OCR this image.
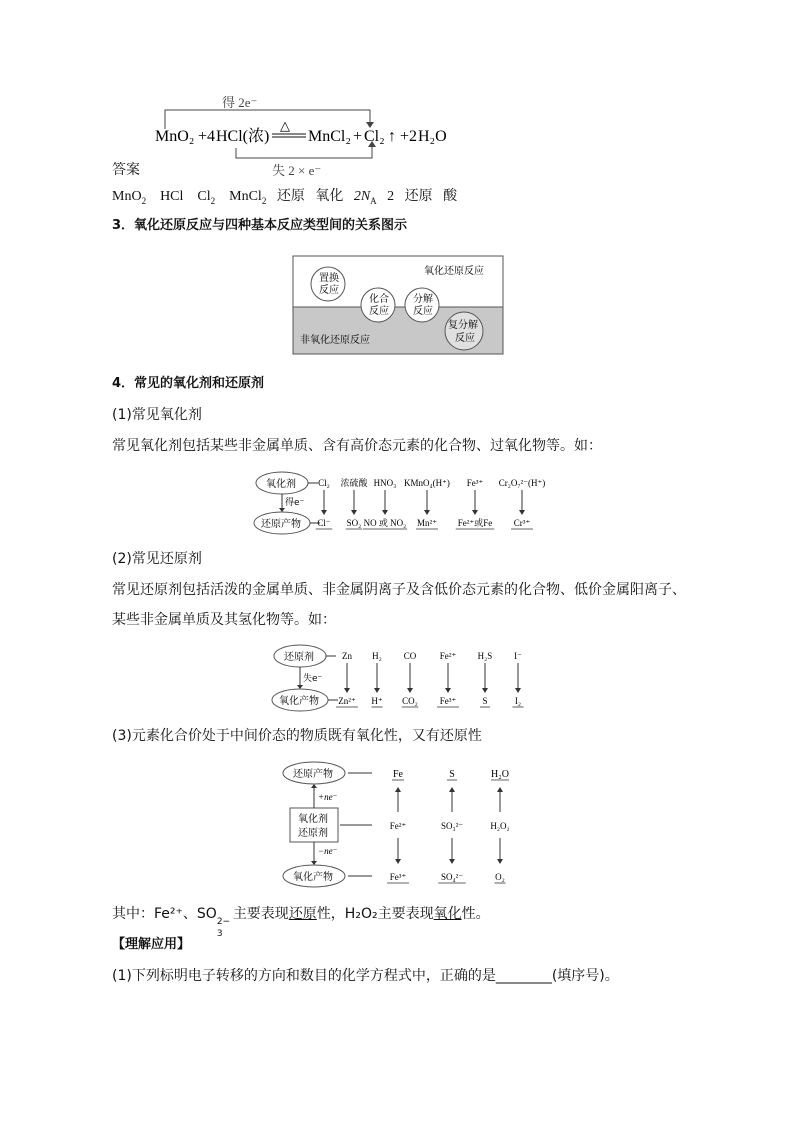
得 2e⁻
失 2 × e⁻
MnO₂ +4 HCl(浓)
△
MnCl₂ + Cl₂ ↑ +2 H₂O
答案
MnO$_2$ HCl $Cl_2$ MnCl$_2$ 还原 氧化 $2N_A$ 2 还原 酸
3．氧化还原反应与四种基本反应类型间的关系图示
氧化还原反应
非氧化还原反应
置换
反应
化合
反应
分解
反应
复分解
反应
4．常见的氧化剂和还原剂
(1)常见氧化剂
常见氧化剂包括某些非金属单质、含有高价态元素的化合物、过氧化物等。如：
氧化剂
还原产物
得e⁻
Cl₂
Cl⁻
浓硫酸
SO₂
HNO₃
NO 或 NO₂
KMnO₄(H⁺)
Mn²⁺
Fe³⁺
Fe²⁺或Fe
Cr₂O₇²⁻(H⁺)
Cr³⁺
(2)常见还原剂
常见还原剂包括活泼的金属单质、非金属阴离子及含低价态元素的化合物、低价金属阳离子、
某些非金属单质及其氢化物等。如：
还原剂
氧化产物
失e⁻
Zn
Zn²⁺
H₂
H⁺
CO
CO₂
Fe²⁺
Fe³⁺
H₂S
S
I⁻
I₂
(3)元素化合价处于中间价态的物质既有氧化性，又有还原性
还原产物
氧化剂
还原剂
氧化产物
+ne⁻
−ne⁻
Fe
Fe²⁺
Fe³⁺
S
SO₃²⁻
SO₄²⁻
H₂O
H₂O₂
O₂
其中：Fe²⁺、SO 2−
3
主要表现还原性，H₂O₂主要表现氧化性。
【理解应用】
(1)下列标明电子转移的方向和数目的化学方程式中，正确的是________(填序号)。
